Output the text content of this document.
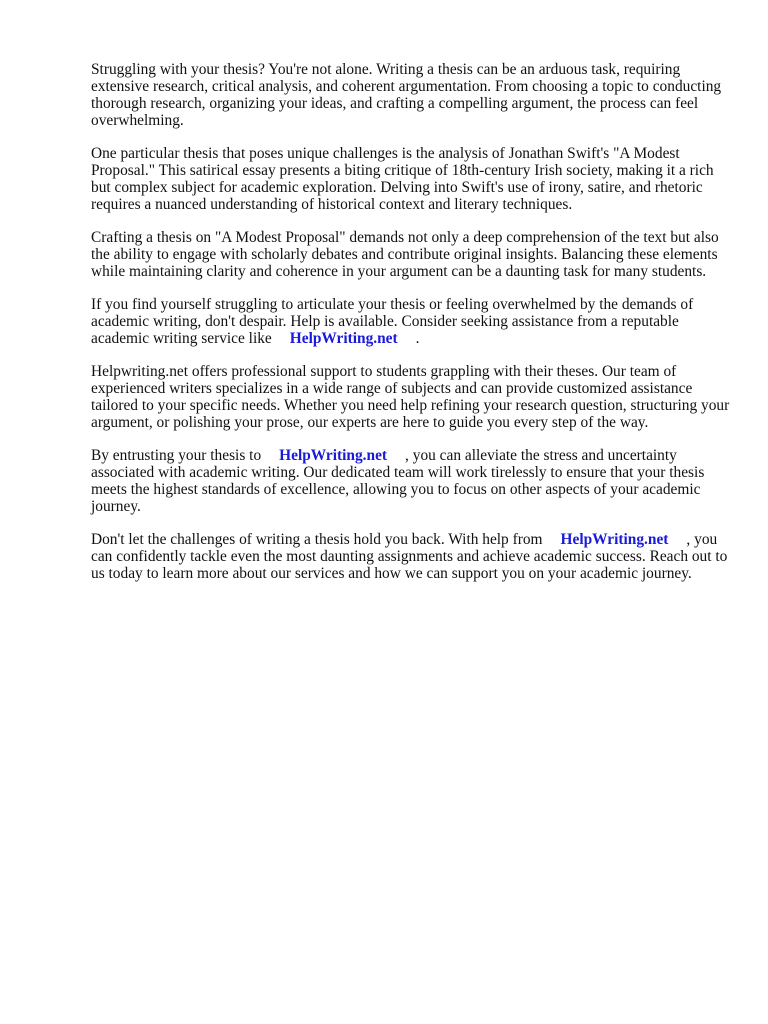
Struggling with your thesis? You're not alone. Writing a thesis can be an arduous task, requiring extensive research, critical analysis, and coherent argumentation. From choosing a topic to conducting thorough research, organizing your ideas, and crafting a compelling argument, the process can feel overwhelming.

One particular thesis that poses unique challenges is the analysis of Jonathan Swift's "A Modest Proposal." This satirical essay presents a biting critique of 18th-century Irish society, making it a rich but complex subject for academic exploration. Delving into Swift's use of irony, satire, and rhetoric requires a nuanced understanding of historical context and literary techniques.

Crafting a thesis on "A Modest Proposal" demands not only a deep comprehension of the text but also the ability to engage with scholarly debates and contribute original insights. Balancing these elements while maintaining clarity and coherence in your argument can be a daunting task for many students.

If you find yourself struggling to articulate your thesis or feeling overwhelmed by the demands of academic writing, don't despair. Help is available. Consider seeking assistance from a reputable academic writing service like HelpWriting.net .

Helpwriting.net offers professional support to students grappling with their theses. Our team of experienced writers specializes in a wide range of subjects and can provide customized assistance tailored to your specific needs. Whether you need help refining your research question, structuring your argument, or polishing your prose, our experts are here to guide you every step of the way.

By entrusting your thesis to HelpWriting.net , you can alleviate the stress and uncertainty associated with academic writing. Our dedicated team will work tirelessly to ensure that your thesis meets the highest standards of excellence, allowing you to focus on other aspects of your academic journey.

Don't let the challenges of writing a thesis hold you back. With help from HelpWriting.net , you can confidently tackle even the most daunting assignments and achieve academic success. Reach out to us today to learn more about our services and how we can support you on your academic journey.
